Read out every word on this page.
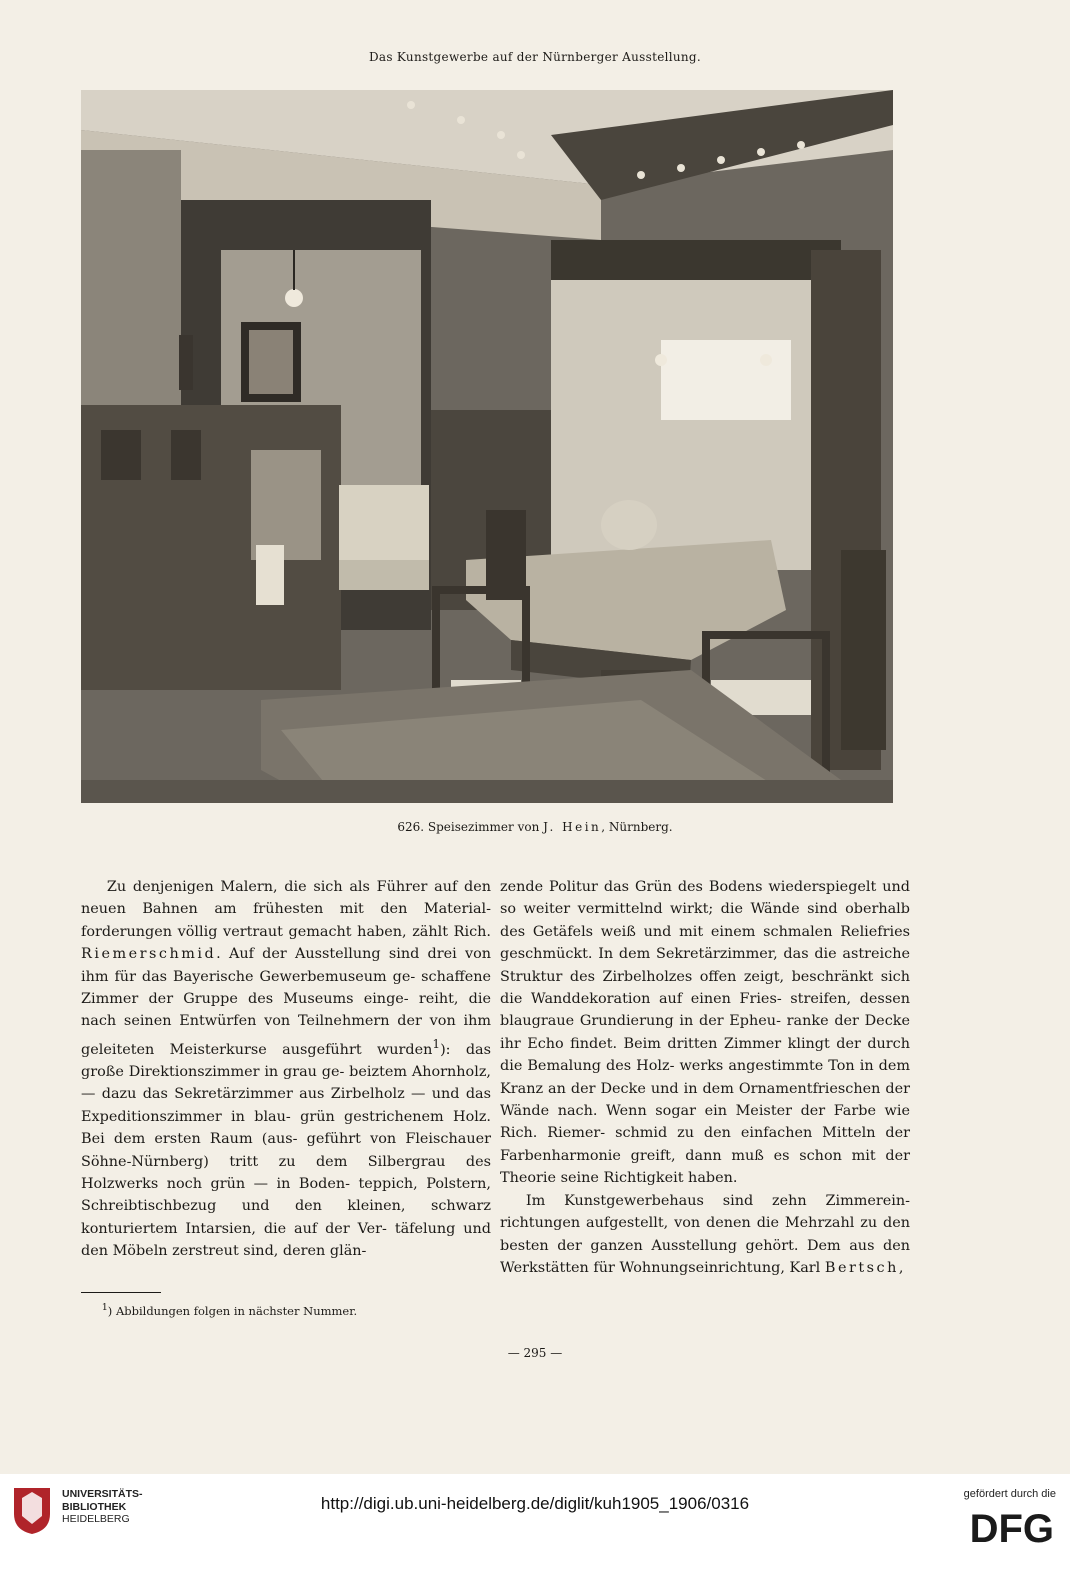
Das Kunstgewerbe auf der Nürnberger Ausstellung.
626. Speisezimmer von J. Hein, Nürnberg.

Zu denjenigen Malern, die sich als Führer auf den neuen Bahnen am frühesten mit den Material- forderungen völlig vertraut gemacht haben, zählt Rich. Riemerschmid. Auf der Ausstellung sind drei von ihm für das Bayerische Gewerbemuseum ge- schaffene Zimmer der Gruppe des Museums einge- reiht, die nach seinen Entwürfen von Teilnehmern der von ihm geleiteten Meisterkurse ausgeführt wurden$^1$): das große Direktionszimmer in grau ge- beiztem Ahornholz, — dazu das Sekretärzimmer aus Zirbelholz — und das Expeditionszimmer in blau- grün gestrichenem Holz. Bei dem ersten Raum (aus- geführt von Fleischauer Söhne-Nürnberg) tritt zu dem Silbergrau des Holzwerks noch grün — in Boden- teppich, Polstern, Schreibtischbezug und den kleinen, schwarz konturiertem Intarsien, die auf der Ver- täfelung und den Möbeln zerstreut sind, deren glän-

zende Politur das Grün des Bodens wiederspiegelt und so weiter vermittelnd wirkt; die Wände sind oberhalb des Getäfels weiß und mit einem schmalen Reliefries geschmückt. In dem Sekretärzimmer, das die astreiche Struktur des Zirbelholzes offen zeigt, beschränkt sich die Wanddekoration auf einen Fries- streifen, dessen blaugraue Grundierung in der Epheu- ranke der Decke ihr Echo findet. Beim dritten Zimmer klingt der durch die Bemalung des Holz- werks angestimmte Ton in dem Kranz an der Decke und in dem Ornamentfrieschen der Wände nach. Wenn sogar ein Meister der Farbe wie Rich. Riemer- schmid zu den einfachen Mitteln der Farbenharmonie greift, dann muß es schon mit der Theorie seine Richtigkeit haben.

Im Kunstgewerbehaus sind zehn Zimmerein- richtungen aufgestellt, von denen die Mehrzahl zu den besten der ganzen Ausstellung gehört. Dem aus den Werkstätten für Wohnungseinrichtung, Karl Bertsch,

$^1$) Abbildungen folgen in nächster Nummer.
— 295 —
UNIVERSITÄTS-
BIBLIOTHEK
HEIDELBERG
http://digi.ub.uni-heidelberg.de/diglit/kuh1905_1906/0316	gefördert durch die
DFG
